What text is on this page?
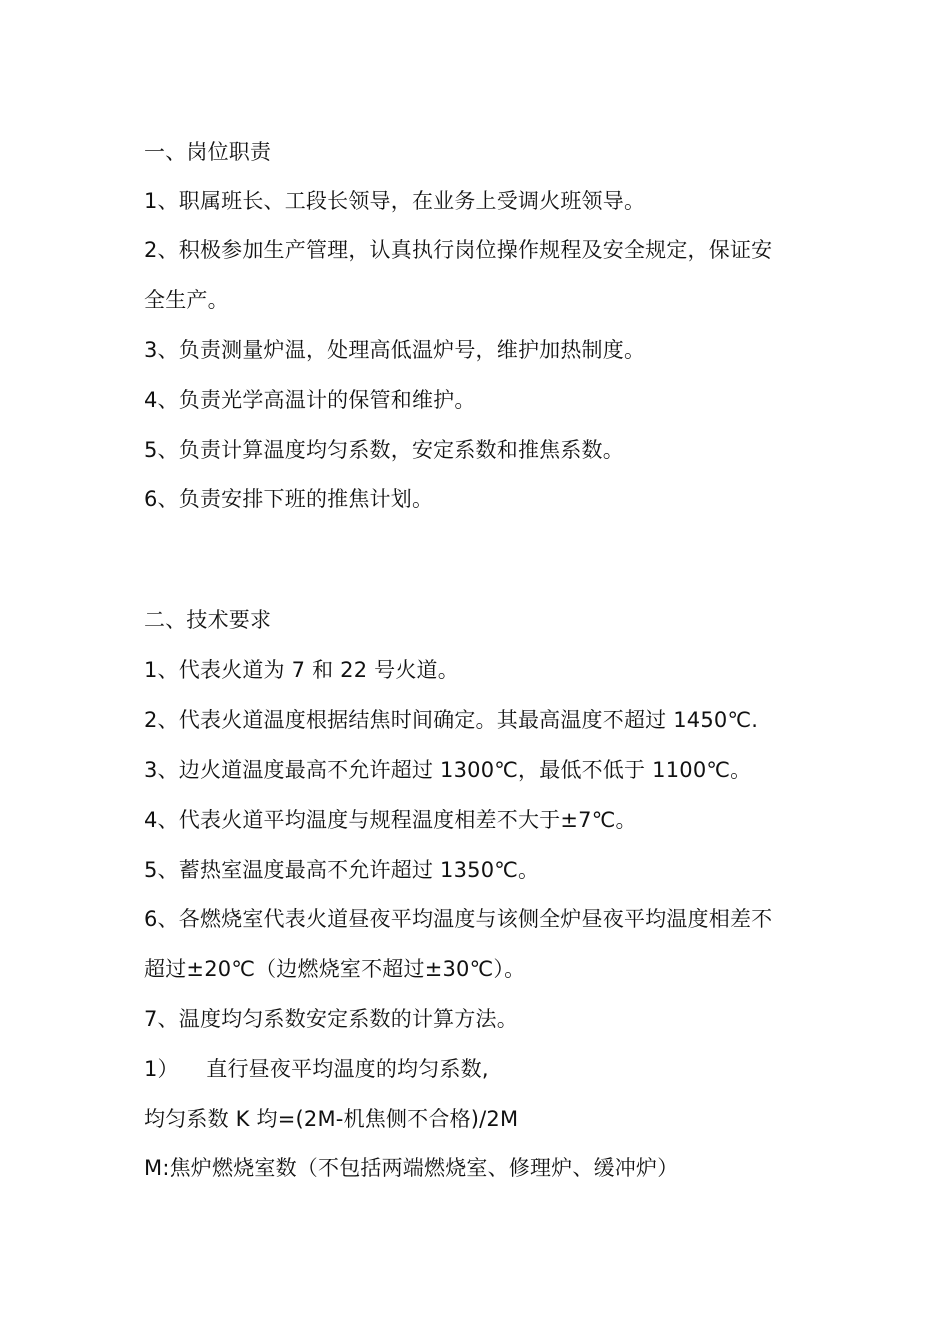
一、岗位职责
1、职属班长、工段长领导，在业务上受调火班领导。
2、积极参加生产管理，认真执行岗位操作规程及安全规定，保证安
全生产。
3、负责测量炉温，处理高低温炉号，维护加热制度。
4、负责光学高温计的保管和维护。
5、负责计算温度均匀系数，安定系数和推焦系数。
6、负责安排下班的推焦计划。
二、技术要求
1、代表火道为 7 和 22 号火道。
2、代表火道温度根据结焦时间确定。其最高温度不超过 1450℃.
3、边火道温度最高不允许超过 1300℃，最低不低于 1100℃。
4、代表火道平均温度与规程温度相差不大于±7℃。
5、蓄热室温度最高不允许超过 1350℃。
6、各燃烧室代表火道昼夜平均温度与该侧全炉昼夜平均温度相差不
超过±20℃（边燃烧室不超过±30℃）。
7、温度均匀系数安定系数的计算方法。
1）    直行昼夜平均温度的均匀系数,
均匀系数 K 均=(2M-机焦侧不合格)/2M
M:焦炉燃烧室数（不包括两端燃烧室、修理炉、缓冲炉）
